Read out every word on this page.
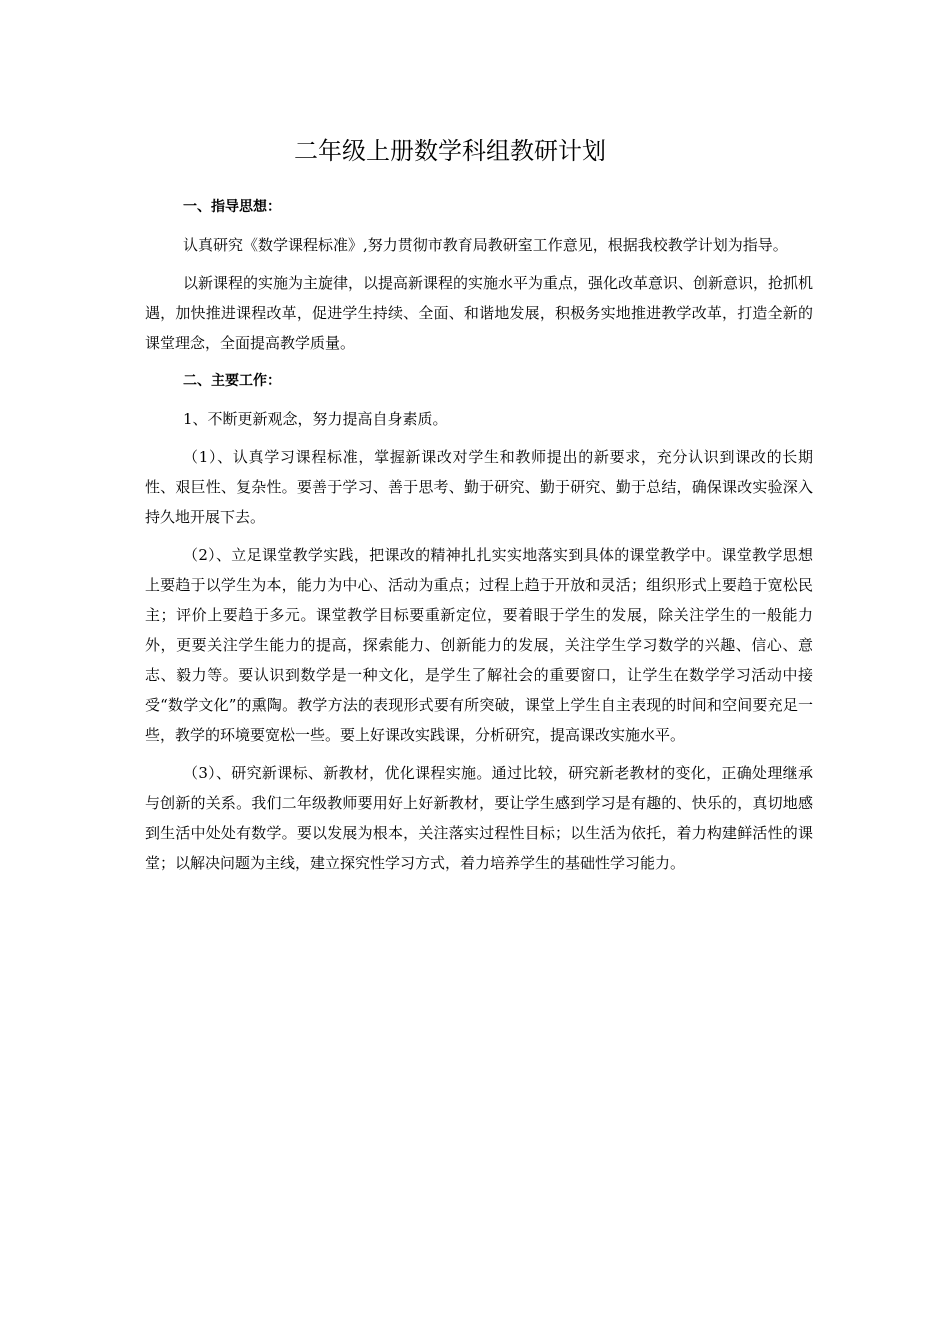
二年级上册数学科组教研计划
一、指导思想：

认真研究《数学课程标准》,努力贯彻市教育局教研室工作意见，根据我校教学计划为指导。

以新课程的实施为主旋律，以提高新课程的实施水平为重点，强化改革意识、创新意识，抢抓机遇，加快推进课程改革，促进学生持续、全面、和谐地发展，积极务实地推进教学改革，打造全新的课堂理念，全面提高教学质量。

二、主要工作：

1、不断更新观念，努力提高自身素质。

（1）、认真学习课程标准，掌握新课改对学生和教师提出的新要求，充分认识到课改的长期性、艰巨性、复杂性。要善于学习、善于思考、勤于研究、勤于研究、勤于总结，确保课改实验深入持久地开展下去。

（2）、立足课堂教学实践，把课改的精神扎扎实实地落实到具体的课堂教学中。课堂教学思想上要趋于以学生为本，能力为中心、活动为重点；过程上趋于开放和灵活；组织形式上要趋于宽松民主；评价上要趋于多元。课堂教学目标要重新定位，要着眼于学生的发展，除关注学生的一般能力外，更要关注学生能力的提高，探索能力、创新能力的发展，关注学生学习数学的兴趣、信心、意志、毅力等。要认识到数学是一种文化，是学生了解社会的重要窗口，让学生在数学学习活动中接受“数学文化”的熏陶。教学方法的表现形式要有所突破，课堂上学生自主表现的时间和空间要充足一些，教学的环境要宽松一些。要上好课改实践课，分析研究，提高课改实施水平。

（3）、研究新课标、新教材，优化课程实施。通过比较，研究新老教材的变化，正确处理继承与创新的关系。我们二年级教师要用好上好新教材，要让学生感到学习是有趣的、快乐的，真切地感到生活中处处有数学。要以发展为根本，关注落实过程性目标；以生活为依托，着力构建鲜活性的课堂；以解决问题为主线，建立探究性学习方式，着力培养学生的基础性学习能力。
